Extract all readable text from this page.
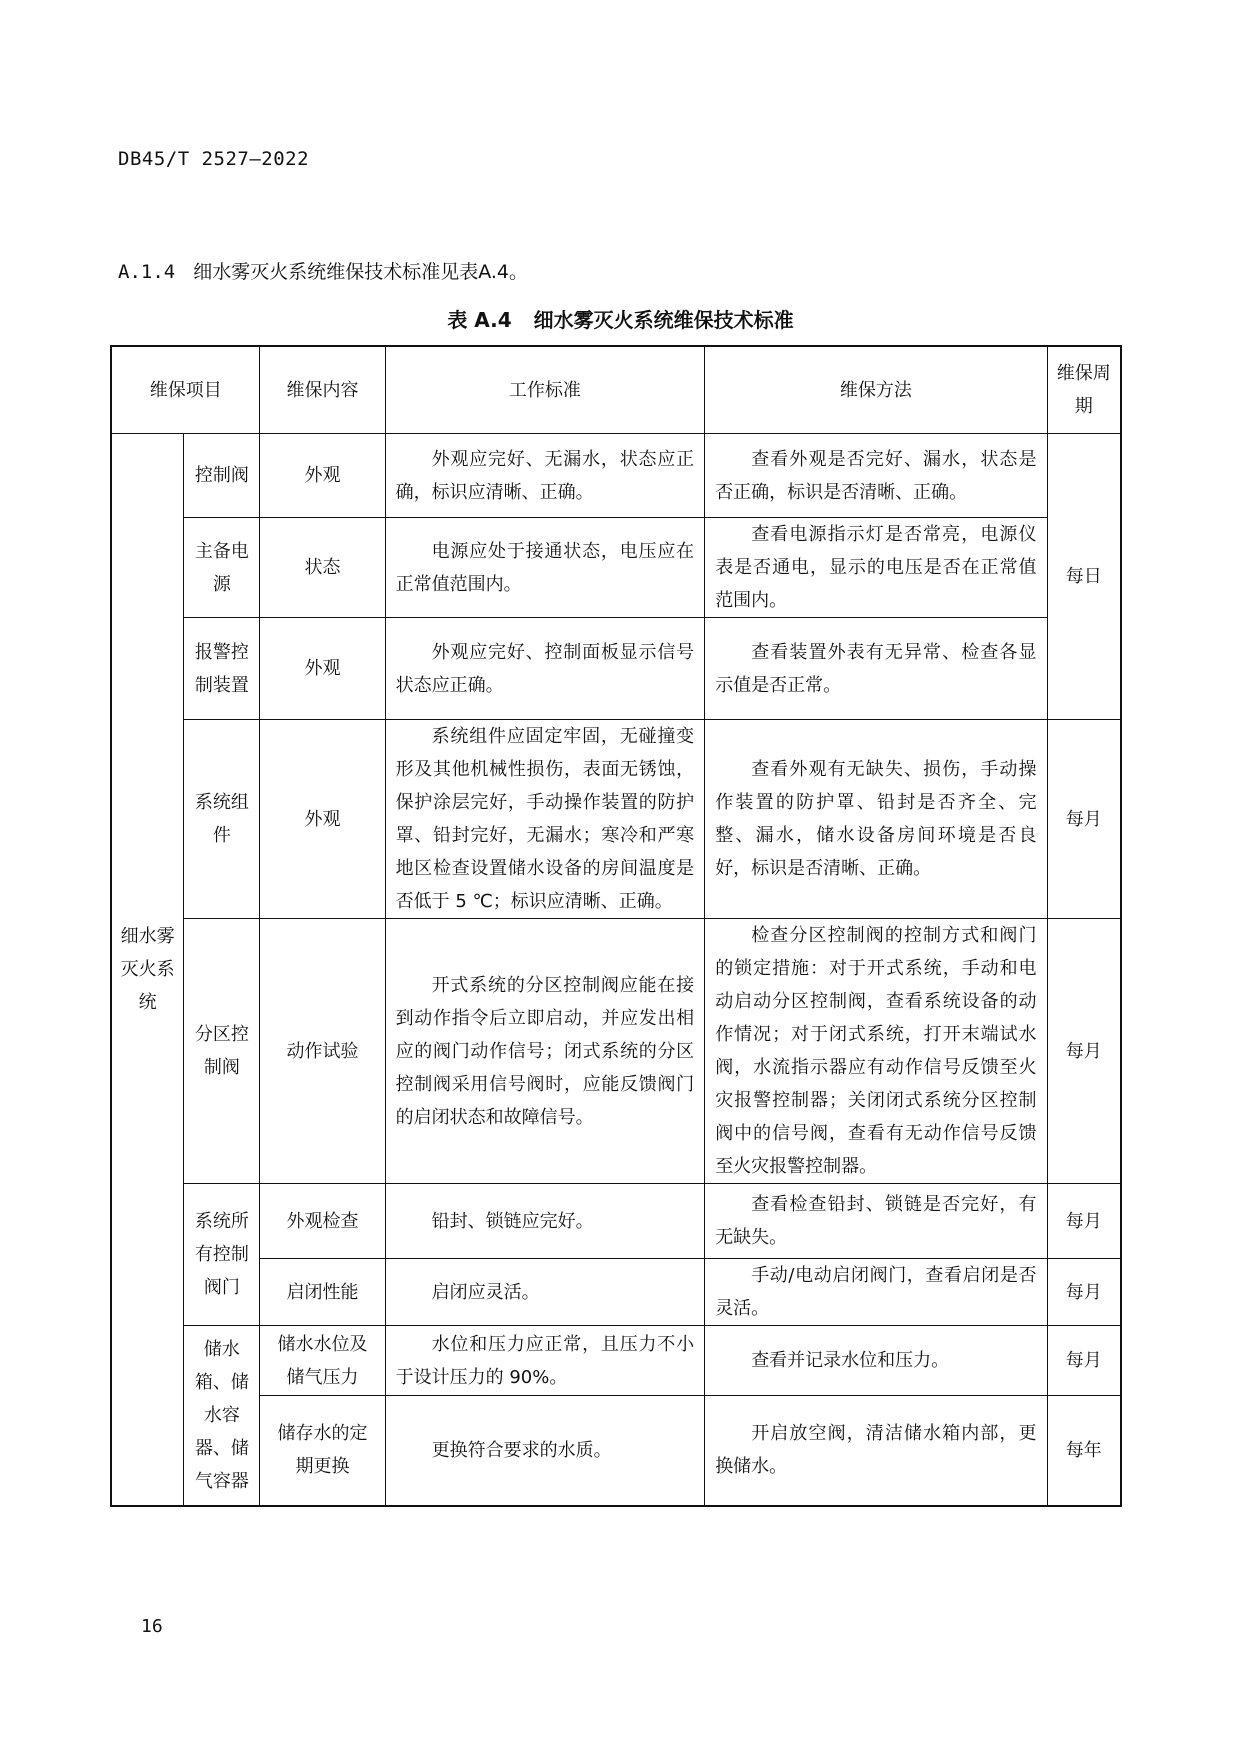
DB45/T 2527—2022
A.1.4 细水雾灭火系统维保技术标准见表A.4。
表 A.4 细水雾灭火系统维保技术标准
维保项目		维保内容	工作标准	维保方法	维保周期
细水雾灭火系统	控制阀	外观	外观应完好、无漏水，状态应正确，标识应清晰、正确。	查看外观是否完好、漏水，状态是否正确，标识是否清晰、正确。	每日
	主备电源	状态	电源应处于接通状态，电压应在正常值范围内。	查看电源指示灯是否常亮，电源仪表是否通电，显示的电压是否在正常值范围内。	
	报警控制装置	外观	外观应完好、控制面板显示信号状态应正确。	查看装置外表有无异常、检查各显示值是否正常。	
	系统组件	外观	系统组件应固定牢固，无碰撞变形及其他机械性损伤，表面无锈蚀，保护涂层完好，手动操作装置的防护罩、铅封完好，无漏水；寒冷和严寒地区检查设置储水设备的房间温度是否低于 5 ℃；标识应清晰、正确。	查看外观有无缺失、损伤，手动操作装置的防护罩、铅封是否齐全、完整、漏水，储水设备房间环境是否良好，标识是否清晰、正确。	每月
	分区控制阀	动作试验	开式系统的分区控制阀应能在接到动作指令后立即启动，并应发出相应的阀门动作信号；闭式系统的分区控制阀采用信号阀时，应能反馈阀门的启闭状态和故障信号。	检查分区控制阀的控制方式和阀门的锁定措施：对于开式系统，手动和电动启动分区控制阀，查看系统设备的动作情况；对于闭式系统，打开末端试水阀，水流指示器应有动作信号反馈至火灾报警控制器；关闭闭式系统分区控制阀中的信号阀，查看有无动作信号反馈至火灾报警控制器。	每月
	系统所有控制阀门	外观检查	铅封、锁链应完好。	查看检查铅封、锁链是否完好，有无缺失。	每月
		启闭性能	启闭应灵活。	手动/电动启闭阀门，查看启闭是否灵活。	每月
	储水箱、储水容器、储气容器	储水水位及储气压力	水位和压力应正常，且压力不小于设计压力的 90%。	查看并记录水位和压力。	每月
		储存水的定期更换	更换符合要求的水质。	开启放空阀，清洁储水箱内部，更换储水。	每年
16
